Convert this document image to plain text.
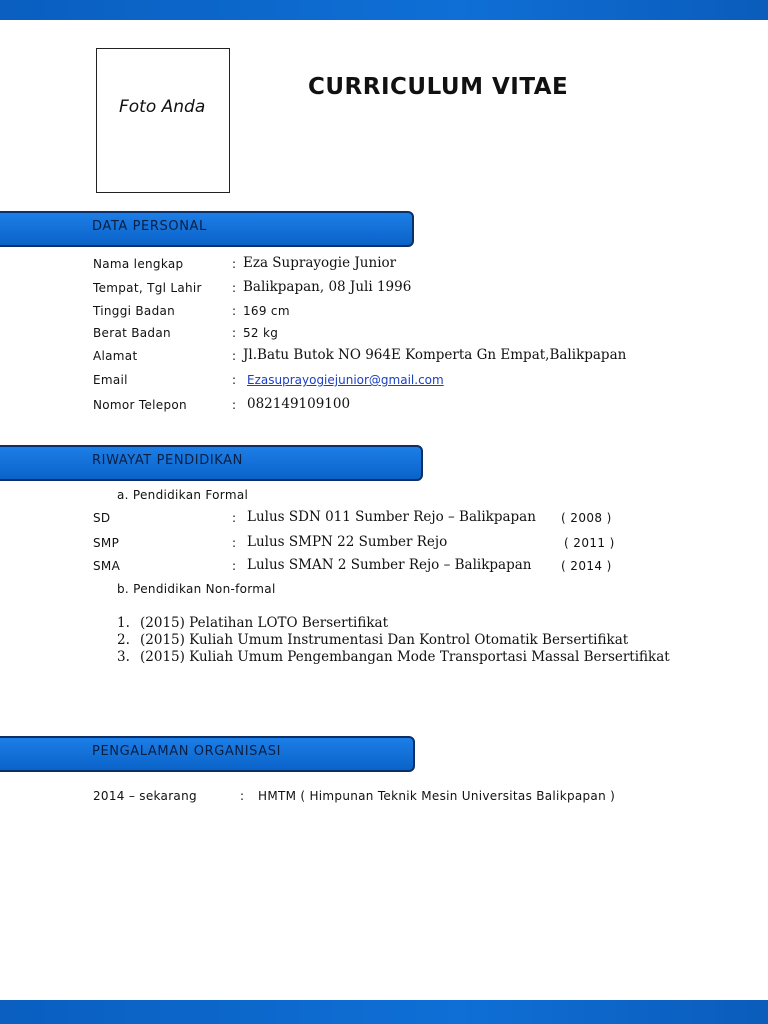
Foto Anda
CURRICULUM VITAE
DATA PERSONAL
Nama lengkap	: Eza Suprayogie Junior
Tempat, Tgl Lahir	: Balikpapan, 08 Juli 1996
Tinggi Badan	: 169 cm
Berat Badan	: 52 kg
Alamat	: Jl.Batu Butok NO 964E Komperta Gn Empat,Balikpapan
Email	: Ezasuprayogiejunior@gmail.com
Nomor Telepon	: 082149109100
RIWAYAT PENDIDIKAN
a. Pendidikan Formal
SD	: Lulus SDN 011 Sumber Rejo – Balikpapan ( 2008 )
SMP	: Lulus SMPN 22 Sumber Rejo	( 2011 )
SMA	: Lulus SMAN 2 Sumber Rejo – Balikpapan ( 2014 )
b. Pendidikan Non-formal
1. (2015) Pelatihan LOTO Bersertifikat
2. (2015) Kuliah Umum Instrumentasi Dan Kontrol Otomatik Bersertifikat
3. (2015) Kuliah Umum Pengembangan Mode Transportasi Massal Bersertifikat
PENGALAMAN ORGANISASI
2014 – sekarang	: HMTM ( Himpunan Teknik Mesin Universitas Balikpapan )
